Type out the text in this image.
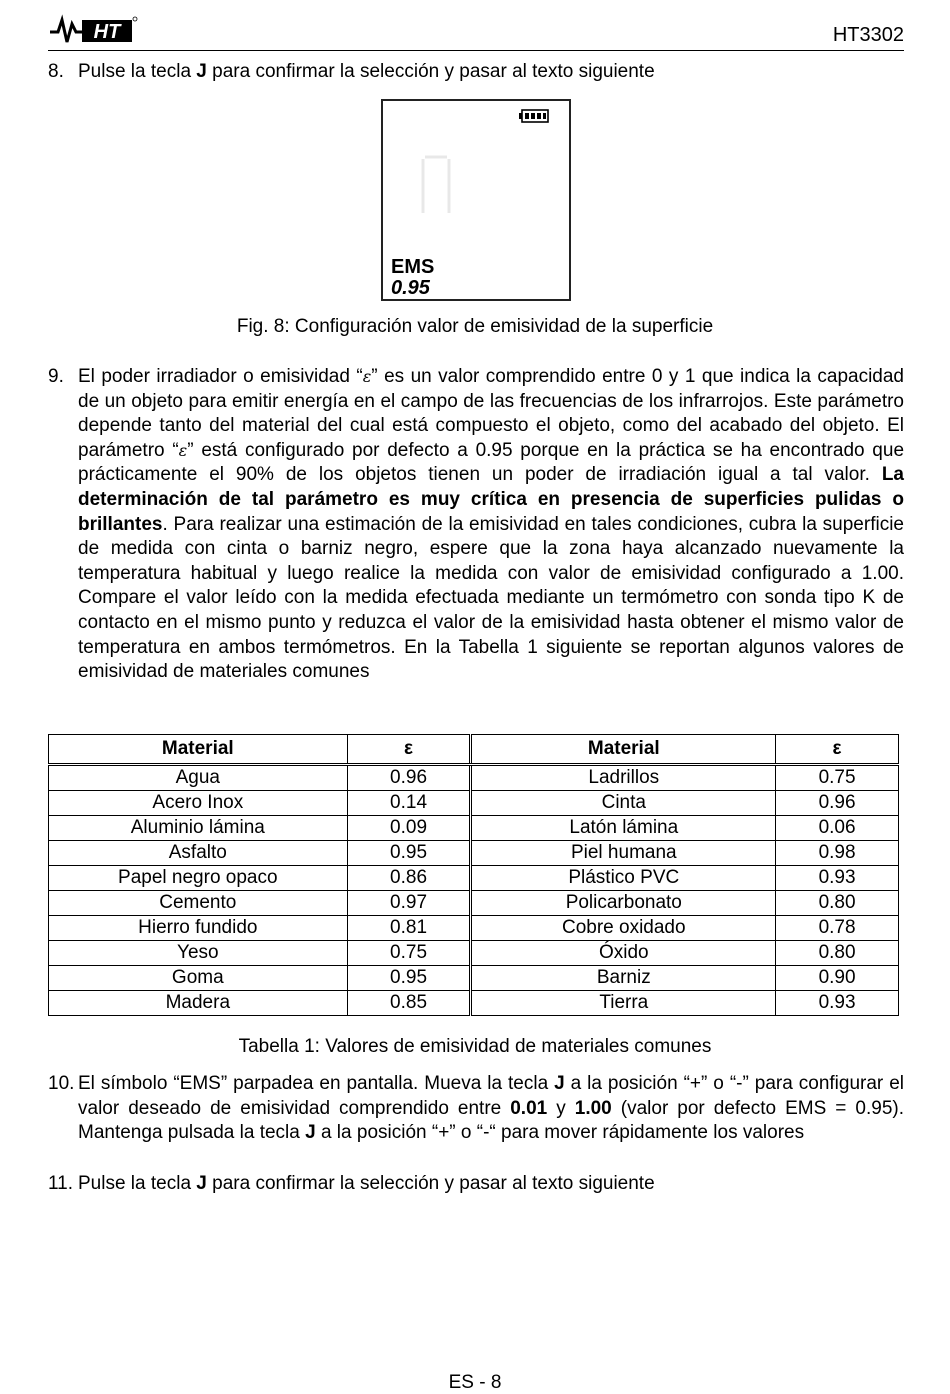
HT	HT3302
8. Pulse la tecla J para confirmar la selección y pasar al texto siguiente
EMS
0.95
Fig. 8: Configuración valor de emisividad de la superficie
9. El poder irradiador o emisividad “ε” es un valor comprendido entre 0 y 1 que indica la capacidad de un objeto para emitir energía en el campo de las frecuencias de los infrarrojos. Este parámetro depende tanto del material del cual está compuesto el objeto, como del acabado del objeto. El parámetro “ε” está configurado por defecto a 0.95 porque en la práctica se ha encontrado que prácticamente el 90% de los objetos tienen un poder de irradiación igual a tal valor. La determinación de tal parámetro es muy crítica en presencia de superficies pulidas o brillantes. Para realizar una estimación de la emisividad en tales condiciones, cubra la superficie de medida con cinta o barniz negro, espere que la zona haya alcanzado nuevamente la temperatura habitual y luego realice la medida con valor de emisividad configurado a 1.00. Compare el valor leído con la medida efectuada mediante un termómetro con sonda tipo K de contacto en el mismo punto y reduzca el valor de la emisividad hasta obtener el mismo valor de temperatura en ambos termómetros. En la Tabella 1 siguiente se reportan algunos valores de emisividad de materiales comunes
Material	ε	Material	ε
Agua	0.96	Ladrillos	0.75
Acero Inox	0.14	Cinta	0.96
Aluminio lámina	0.09	Latón lámina	0.06
Asfalto	0.95	Piel humana	0.98
Papel negro opaco	0.86	Plástico PVC	0.93
Cemento	0.97	Policarbonato	0.80
Hierro fundido	0.81	Cobre oxidado	0.78
Yeso	0.75	Óxido	0.80
Goma	0.95	Barniz	0.90
Madera	0.85	Tierra	0.93
Tabella 1: Valores de emisividad de materiales comunes
10. El símbolo “EMS” parpadea en pantalla. Mueva la tecla J a la posición “+” o “-” para configurar el valor deseado de emisividad comprendido entre 0.01 y 1.00 (valor por defecto EMS = 0.95). Mantenga pulsada la tecla J a la posición “+” o “-“ para mover rápidamente los valores
11. Pulse la tecla J para confirmar la selección y pasar al texto siguiente
ES - 8
